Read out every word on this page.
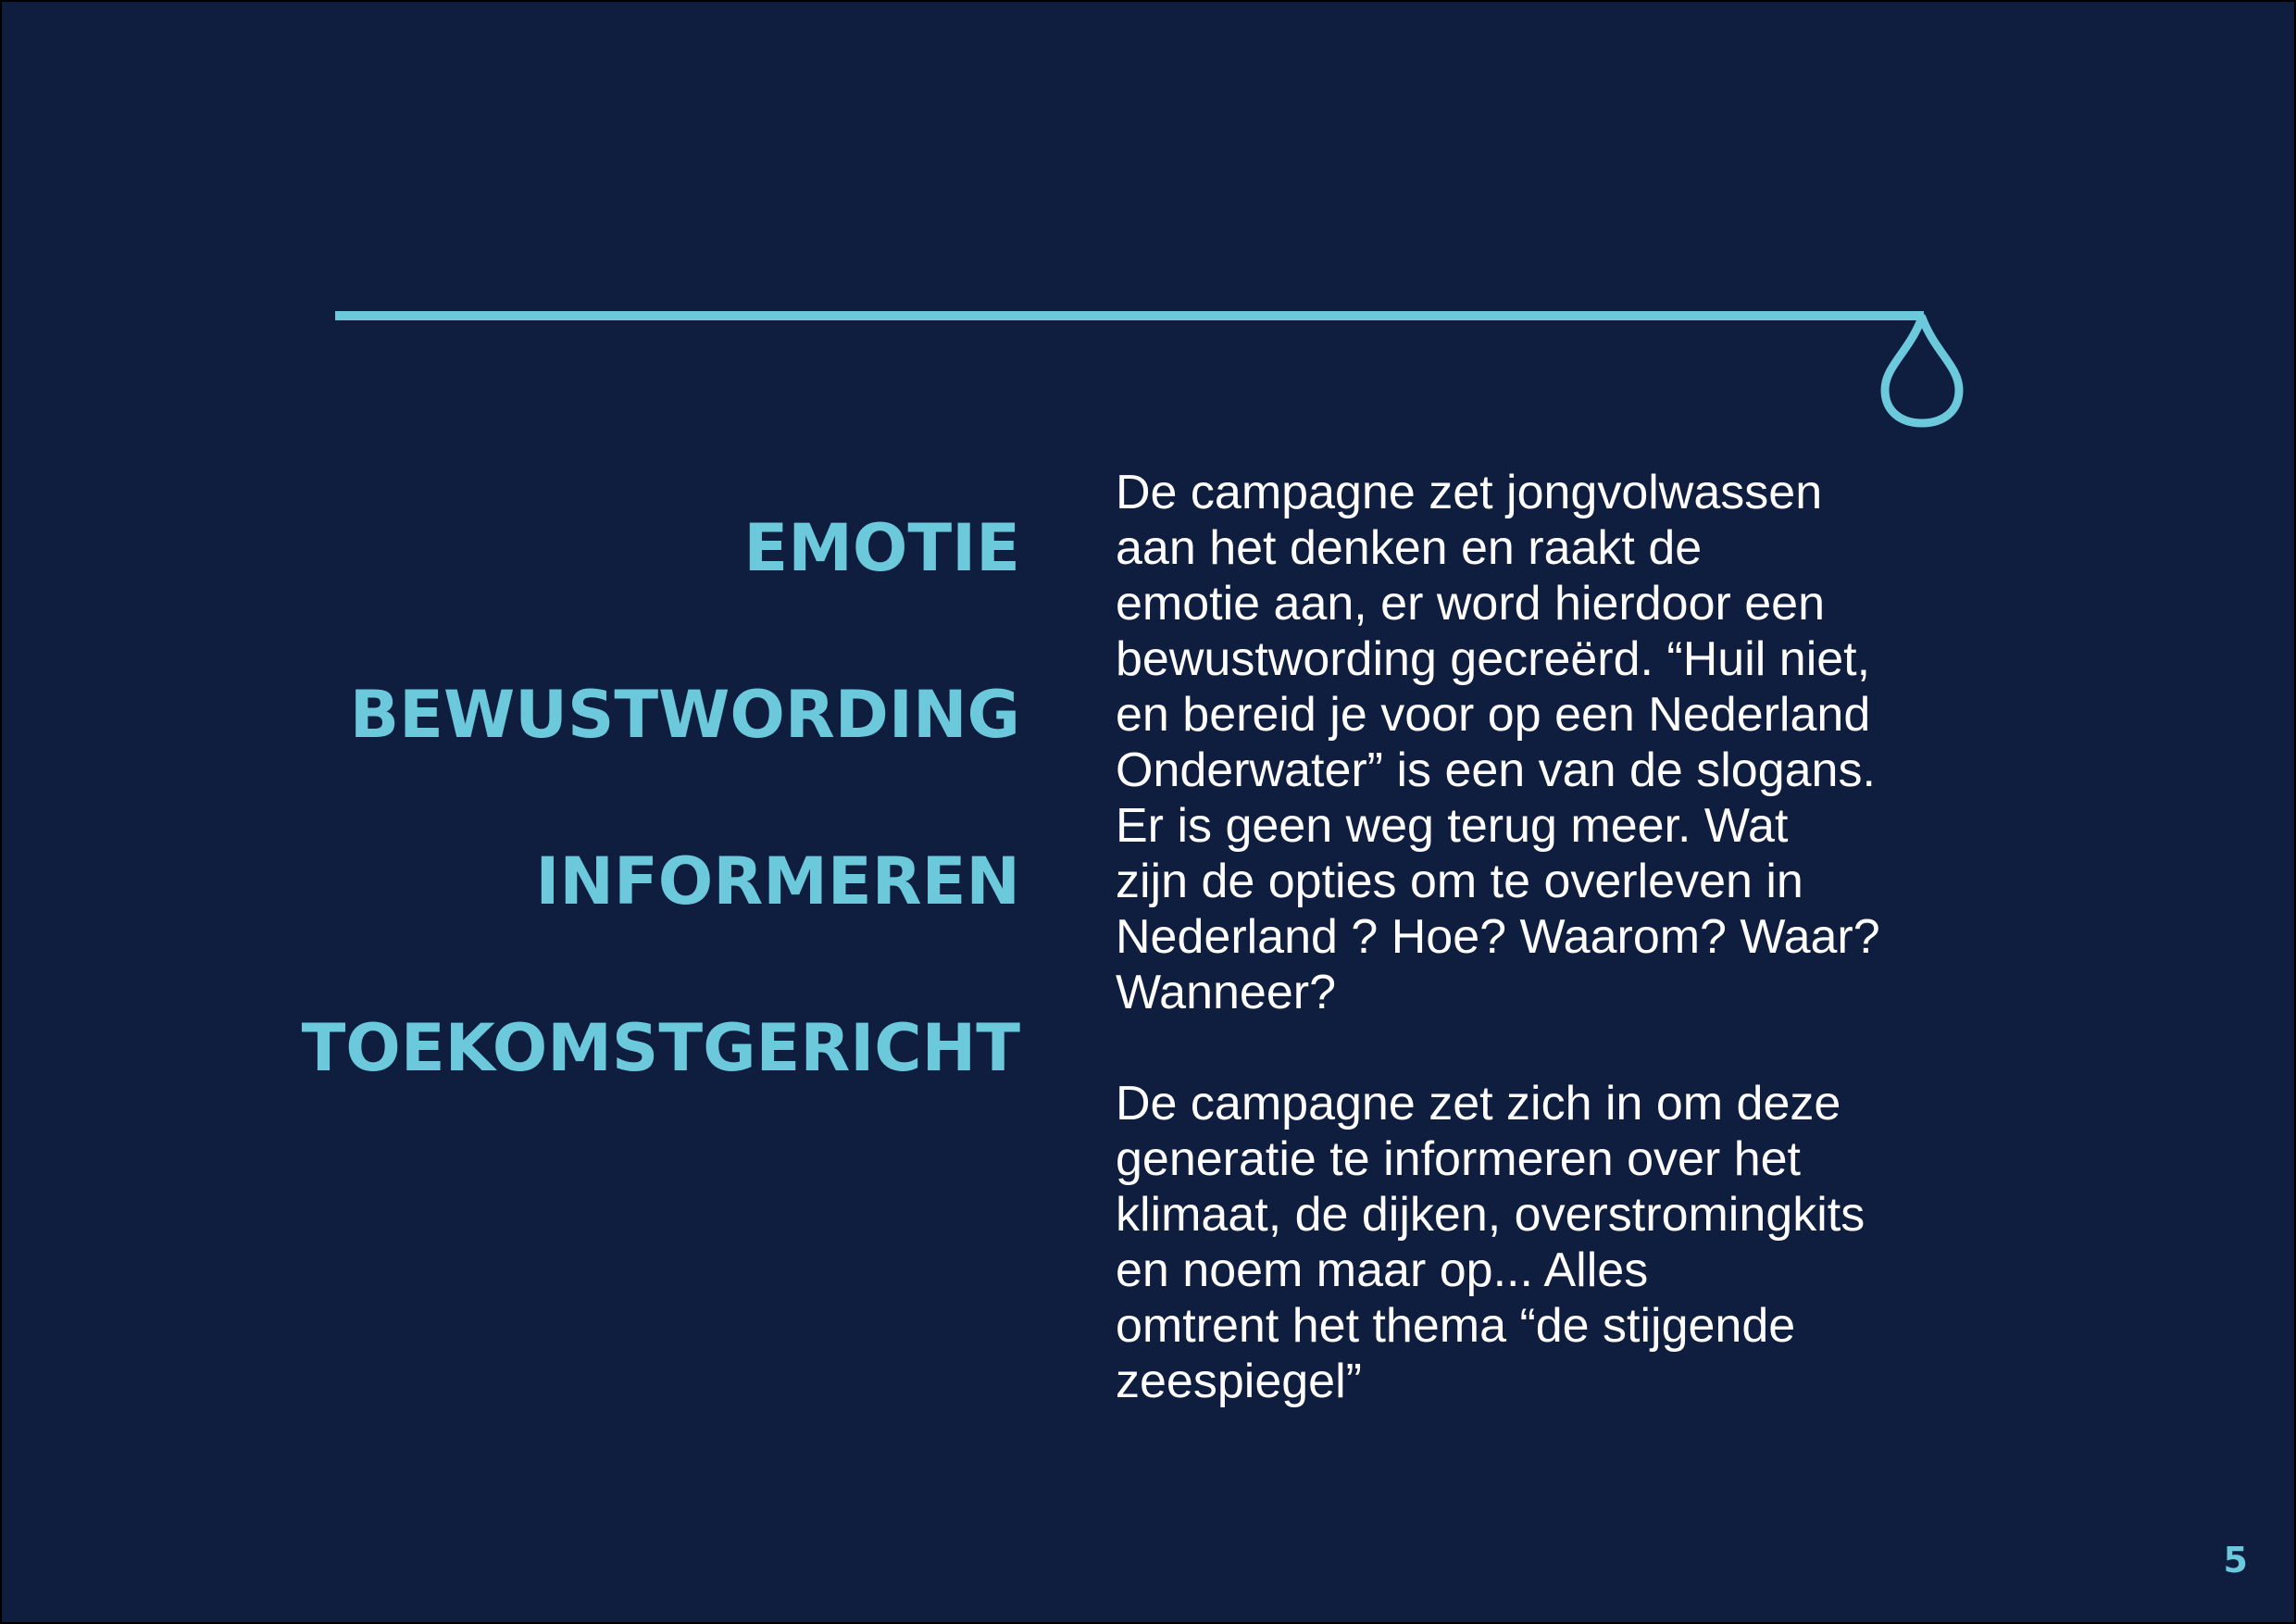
EMOTIE
BEWUSTWORDING
INFORMEREN
TOEKOMSTGERICHT

De campagne zet jongvolwassen
aan het denken en raakt de
emotie aan, er word hierdoor een
bewustwording gecreërd. “Huil niet,
en bereid je voor op een Nederland
Onderwater” is een van de slogans.
Er is geen weg terug meer. Wat
zijn de opties om te overleven in
Nederland ? Hoe? Waarom? Waar?
Wanneer?

De campagne zet zich in om deze
generatie te informeren over het
klimaat, de dijken, overstromingkits
en noem maar op... Alles
omtrent het thema “de stijgende
zeespiegel”

5
